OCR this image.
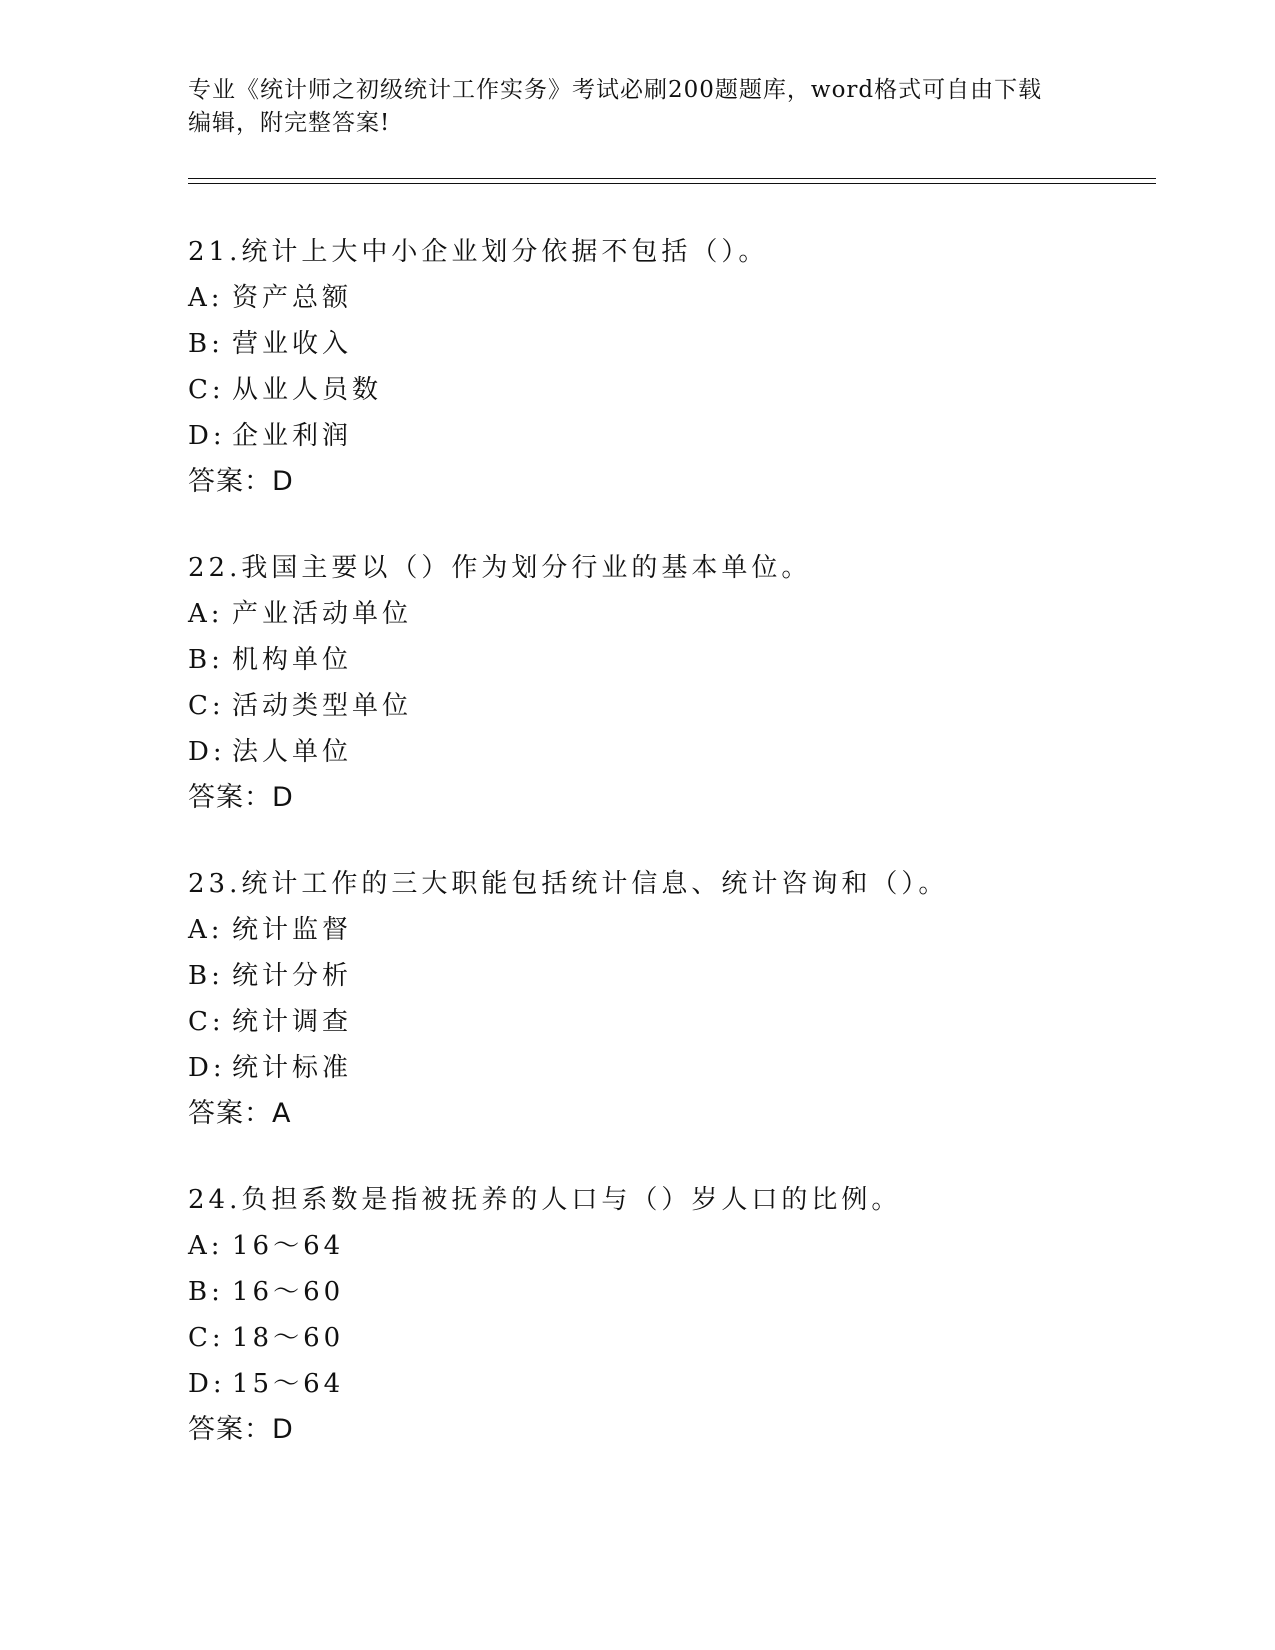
专业《统计师之初级统计工作实务》考试必刷200题题库，word格式可自由下载
编辑，附完整答案!
21.统计上大中小企业划分依据不包括（）。
A: 资产总额
B: 营业收入
C: 从业人员数
D: 企业利润
答案：D
22.我国主要以（）作为划分行业的基本单位。
A: 产业活动单位
B: 机构单位
C: 活动类型单位
D: 法人单位
答案：D
23.统计工作的三大职能包括统计信息、统计咨询和（）。
A: 统计监督
B: 统计分析
C: 统计调查
D: 统计标准
答案：A
24.负担系数是指被抚养的人口与（）岁人口的比例。
A: 16～64
B: 16～60
C: 18～60
D: 15～64
答案：D
